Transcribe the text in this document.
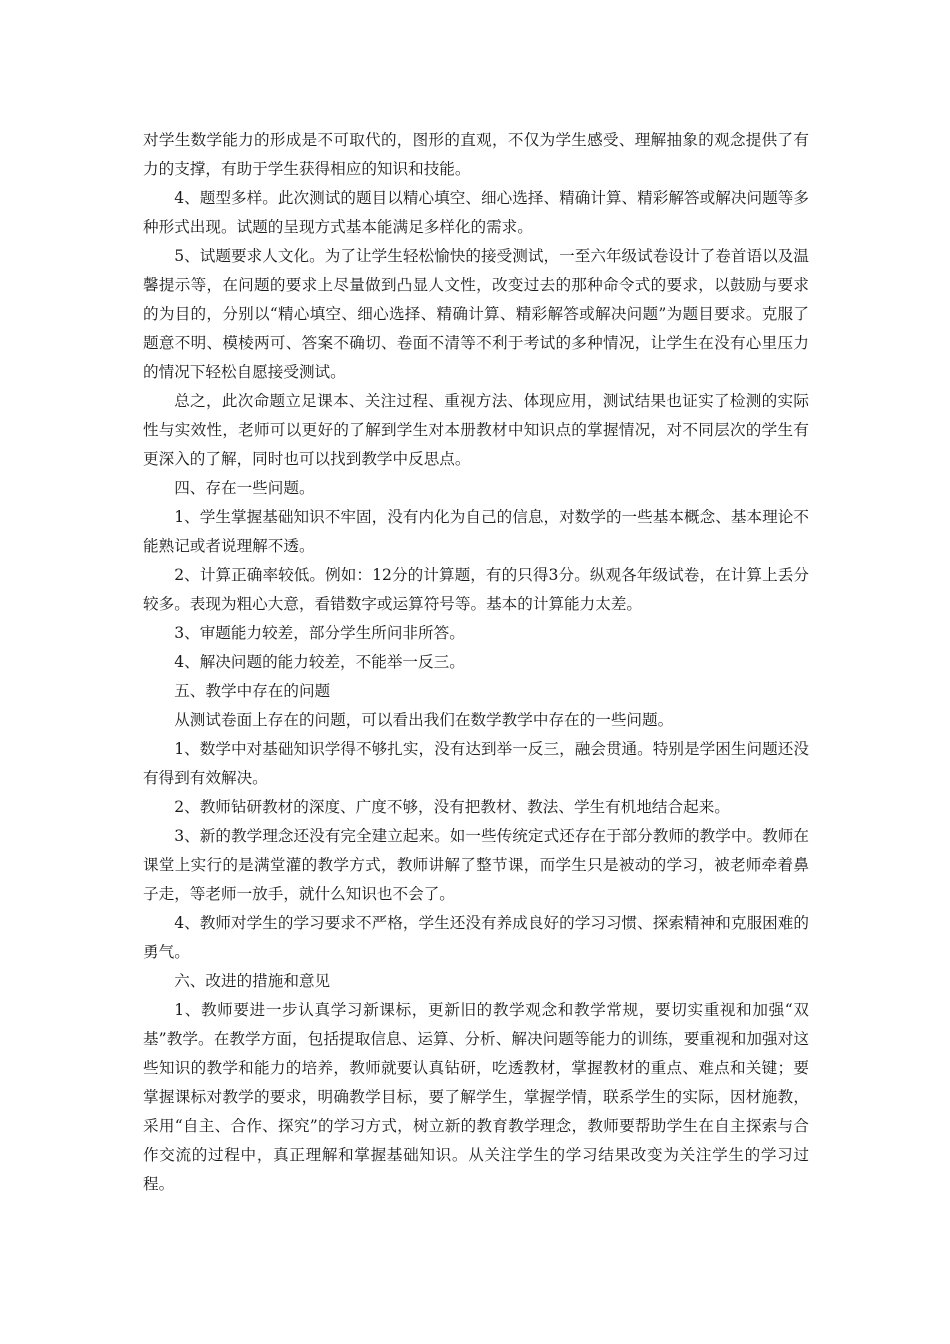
对学生数学能力的形成是不可取代的，图形的直观，不仅为学生感受、理解抽象的观念提供了有力的支撑，有助于学生获得相应的知识和技能。

4、题型多样。此次测试的题目以精心填空、细心选择、精确计算、精彩解答或解决问题等多种形式出现。试题的呈现方式基本能满足多样化的需求。

5、试题要求人文化。为了让学生轻松愉快的接受测试，一至六年级试卷设计了卷首语以及温馨提示等，在问题的要求上尽量做到凸显人文性，改变过去的那种命令式的要求，以鼓励与要求的为目的，分别以“精心填空、细心选择、精确计算、精彩解答或解决问题”为题目要求。克服了题意不明、模棱两可、答案不确切、卷面不清等不利于考试的多种情况，让学生在没有心里压力的情况下轻松自愿接受测试。

总之，此次命题立足课本、关注过程、重视方法、体现应用，测试结果也证实了检测的实际性与实效性，老师可以更好的了解到学生对本册教材中知识点的掌握情况，对不同层次的学生有更深入的了解，同时也可以找到教学中反思点。

四、存在一些问题。

1、学生掌握基础知识不牢固，没有内化为自己的信息，对数学的一些基本概念、基本理论不能熟记或者说理解不透。

2、计算正确率较低。例如：12分的计算题，有的只得3分。纵观各年级试卷，在计算上丢分较多。表现为粗心大意，看错数字或运算符号等。基本的计算能力太差。

3、审题能力较差，部分学生所问非所答。

4、解决问题的能力较差，不能举一反三。

五、教学中存在的问题

从测试卷面上存在的问题，可以看出我们在数学教学中存在的一些问题。

1、数学中对基础知识学得不够扎实，没有达到举一反三，融会贯通。特别是学困生问题还没有得到有效解决。

2、教师钻研教材的深度、广度不够，没有把教材、教法、学生有机地结合起来。

3、新的教学理念还没有完全建立起来。如一些传统定式还存在于部分教师的教学中。教师在课堂上实行的是满堂灌的教学方式，教师讲解了整节课，而学生只是被动的学习，被老师牵着鼻子走，等老师一放手，就什么知识也不会了。

4、教师对学生的学习要求不严格，学生还没有养成良好的学习习惯、探索精神和克服困难的勇气。

六、改进的措施和意见

1、教师要进一步认真学习新课标，更新旧的教学观念和教学常规，要切实重视和加强“双基”教学。在教学方面，包括提取信息、运算、分析、解决问题等能力的训练，要重视和加强对这些知识的教学和能力的培养，教师就要认真钻研，吃透教材，掌握教材的重点、难点和关键；要掌握课标对教学的要求，明确教学目标，要了解学生，掌握学情，联系学生的实际，因材施教，采用“自主、合作、探究”的学习方式，树立新的教育教学理念，教师要帮助学生在自主探索与合作交流的过程中，真正理解和掌握基础知识。从关注学生的学习结果改变为关注学生的学习过程。
